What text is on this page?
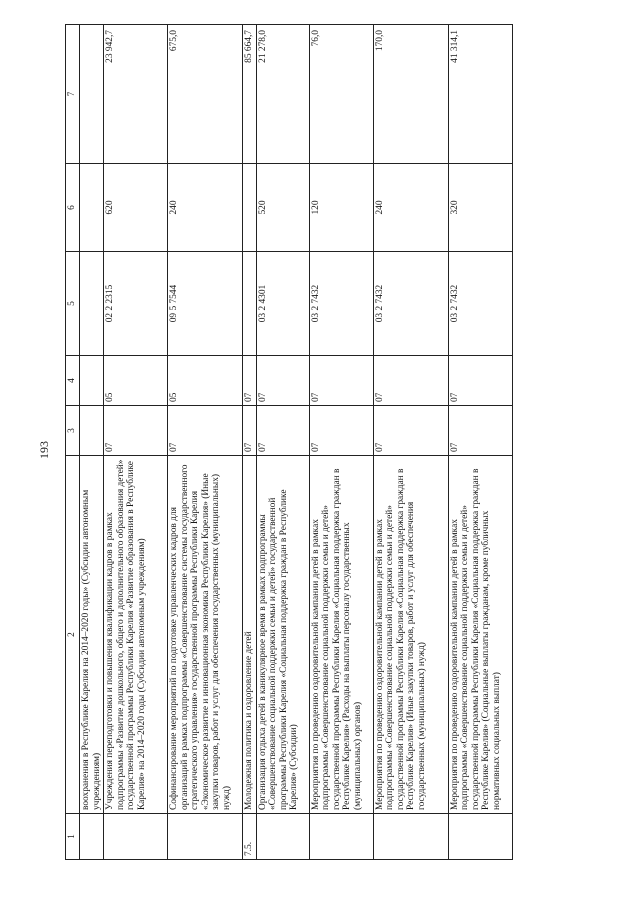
193
1	2	3	4	5	6	7
	воохранения в Республике Карелия на 2014–2020 годы» (Субсидии автономным учреждениям)					
	Учреждения переподготовки и повышения квалификации кадров в рамках подпрограммы «Развитие дошкольного, общего и дополнительного образования детей» государственной программы Республики Карелия «Развитие образования в Республике Карелия» на 2014–2020 годы (Субсидии автономным учреждениям)	07	05	02 2 2315	620	23 942,7
	Софинансирование мероприятий по подготовке управленческих кадров для организаций в рамках подпрограммы «Совершенствование системы государственного стратегического управления» государственной программы Республики Карелия «Экономическое развитие и инновационная экономика Республики Карелия» (Иные закупки товаров, работ и услуг для обеспечения государственных (муниципальных) нужд)	07	05	09 5 7544	240	675,0
7.5.	Молодежная политика и оздоровление детей	07	07			85 664,7
	Организация отдыха детей в каникулярное время в рамках подпрограммы «Совершенствование социальной поддержки семьи и детей» государственной программы Республики Карелия «Социальная поддержка граждан в Республике Карелия» (Субсидии)	07	07	03 2 4301	520	21 278,0
	Мероприятия по проведению оздоровительной кампании детей в рамках подпрограммы «Совершенствование социальной поддержки семьи и детей» государственной программы Республики Карелия «Социальная поддержка граждан в Республике Карелия» (Расходы на выплаты персоналу государственных (муниципальных) органов)	07	07	03 2 7432	120	76,0
	Мероприятия по проведению оздоровительной кампании детей в рамках подпрограммы «Совершенствование социальной поддержки семьи и детей» государственной программы Республики Карелия «Социальная поддержка граждан в Республике Карелия» (Иные закупки товаров, работ и услуг для обеспечения государственных (муниципальных) нужд)	07	07	03 2 7432	240	170,0
	Мероприятия по проведению оздоровительной кампании детей в рамках подпрограммы «Совершенствование социальной поддержки семьи и детей» государственной программы Республики Карелия «Социальная поддержка граждан в Республике Карелия» (Социальные выплаты гражданам, кроме публичных нормативных социальных выплат)	07	07	03 2 7432	320	41 314,1
